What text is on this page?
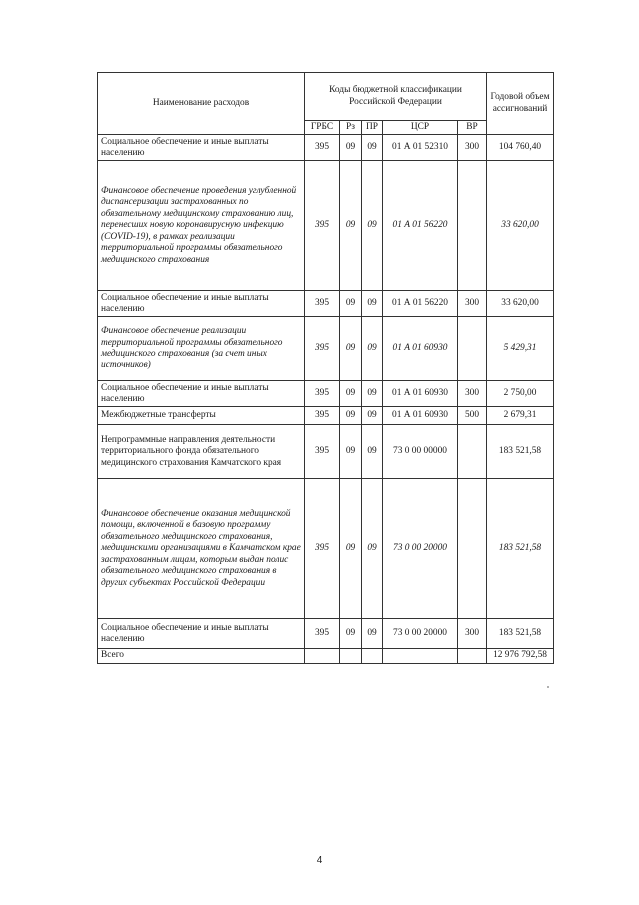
Наименование расходов	Коды бюджетной классификации Российской Федерации					Годовой объем ассигнований
	ГРБС	Рз	ПР	ЦСР	ВР	
Социальное обеспечение и иные выплаты населению	395	09	09	01 А 01 52310	300	104 760,40
Финансовое обеспечение проведения углубленной диспансеризации застрахованных по обязательному медицинскому страхованию лиц, перенесших новую коронавирусную инфекцию (COVID-19), в рамках реализации территориальной программы обязательного медицинского страхования	395	09	09	01 А 01 56220		33 620,00
Социальное обеспечение и иные выплаты населению	395	09	09	01 А 01 56220	300	33 620,00
Финансовое обеспечение реализации территориальной программы обязательного медицинского страхования (за счет иных источников)	395	09	09	01 А 01 60930		5 429,31
Социальное обеспечение и иные выплаты населению	395	09	09	01 А 01 60930	300	2 750,00
Межбюджетные трансферты	395	09	09	01 А 01 60930	500	2 679,31
Непрограммные направления деятельности территориального фонда обязательного медицинского страхования Камчатского края	395	09	09	73 0 00 00000		183 521,58
Финансовое обеспечение оказания медицинской помощи, включенной в базовую программу обязательного медицинского страхования, медицинскими организациями в Камчатском крае застрахованным лицам, которым выдан полис обязательного медицинского страхования в других субъектах Российской Федерации	395	09	09	73 0 00 20000		183 521,58
Социальное обеспечение и иные выплаты населению	395	09	09	73 0 00 20000	300	183 521,58
Всего						12 976 792,58
4
